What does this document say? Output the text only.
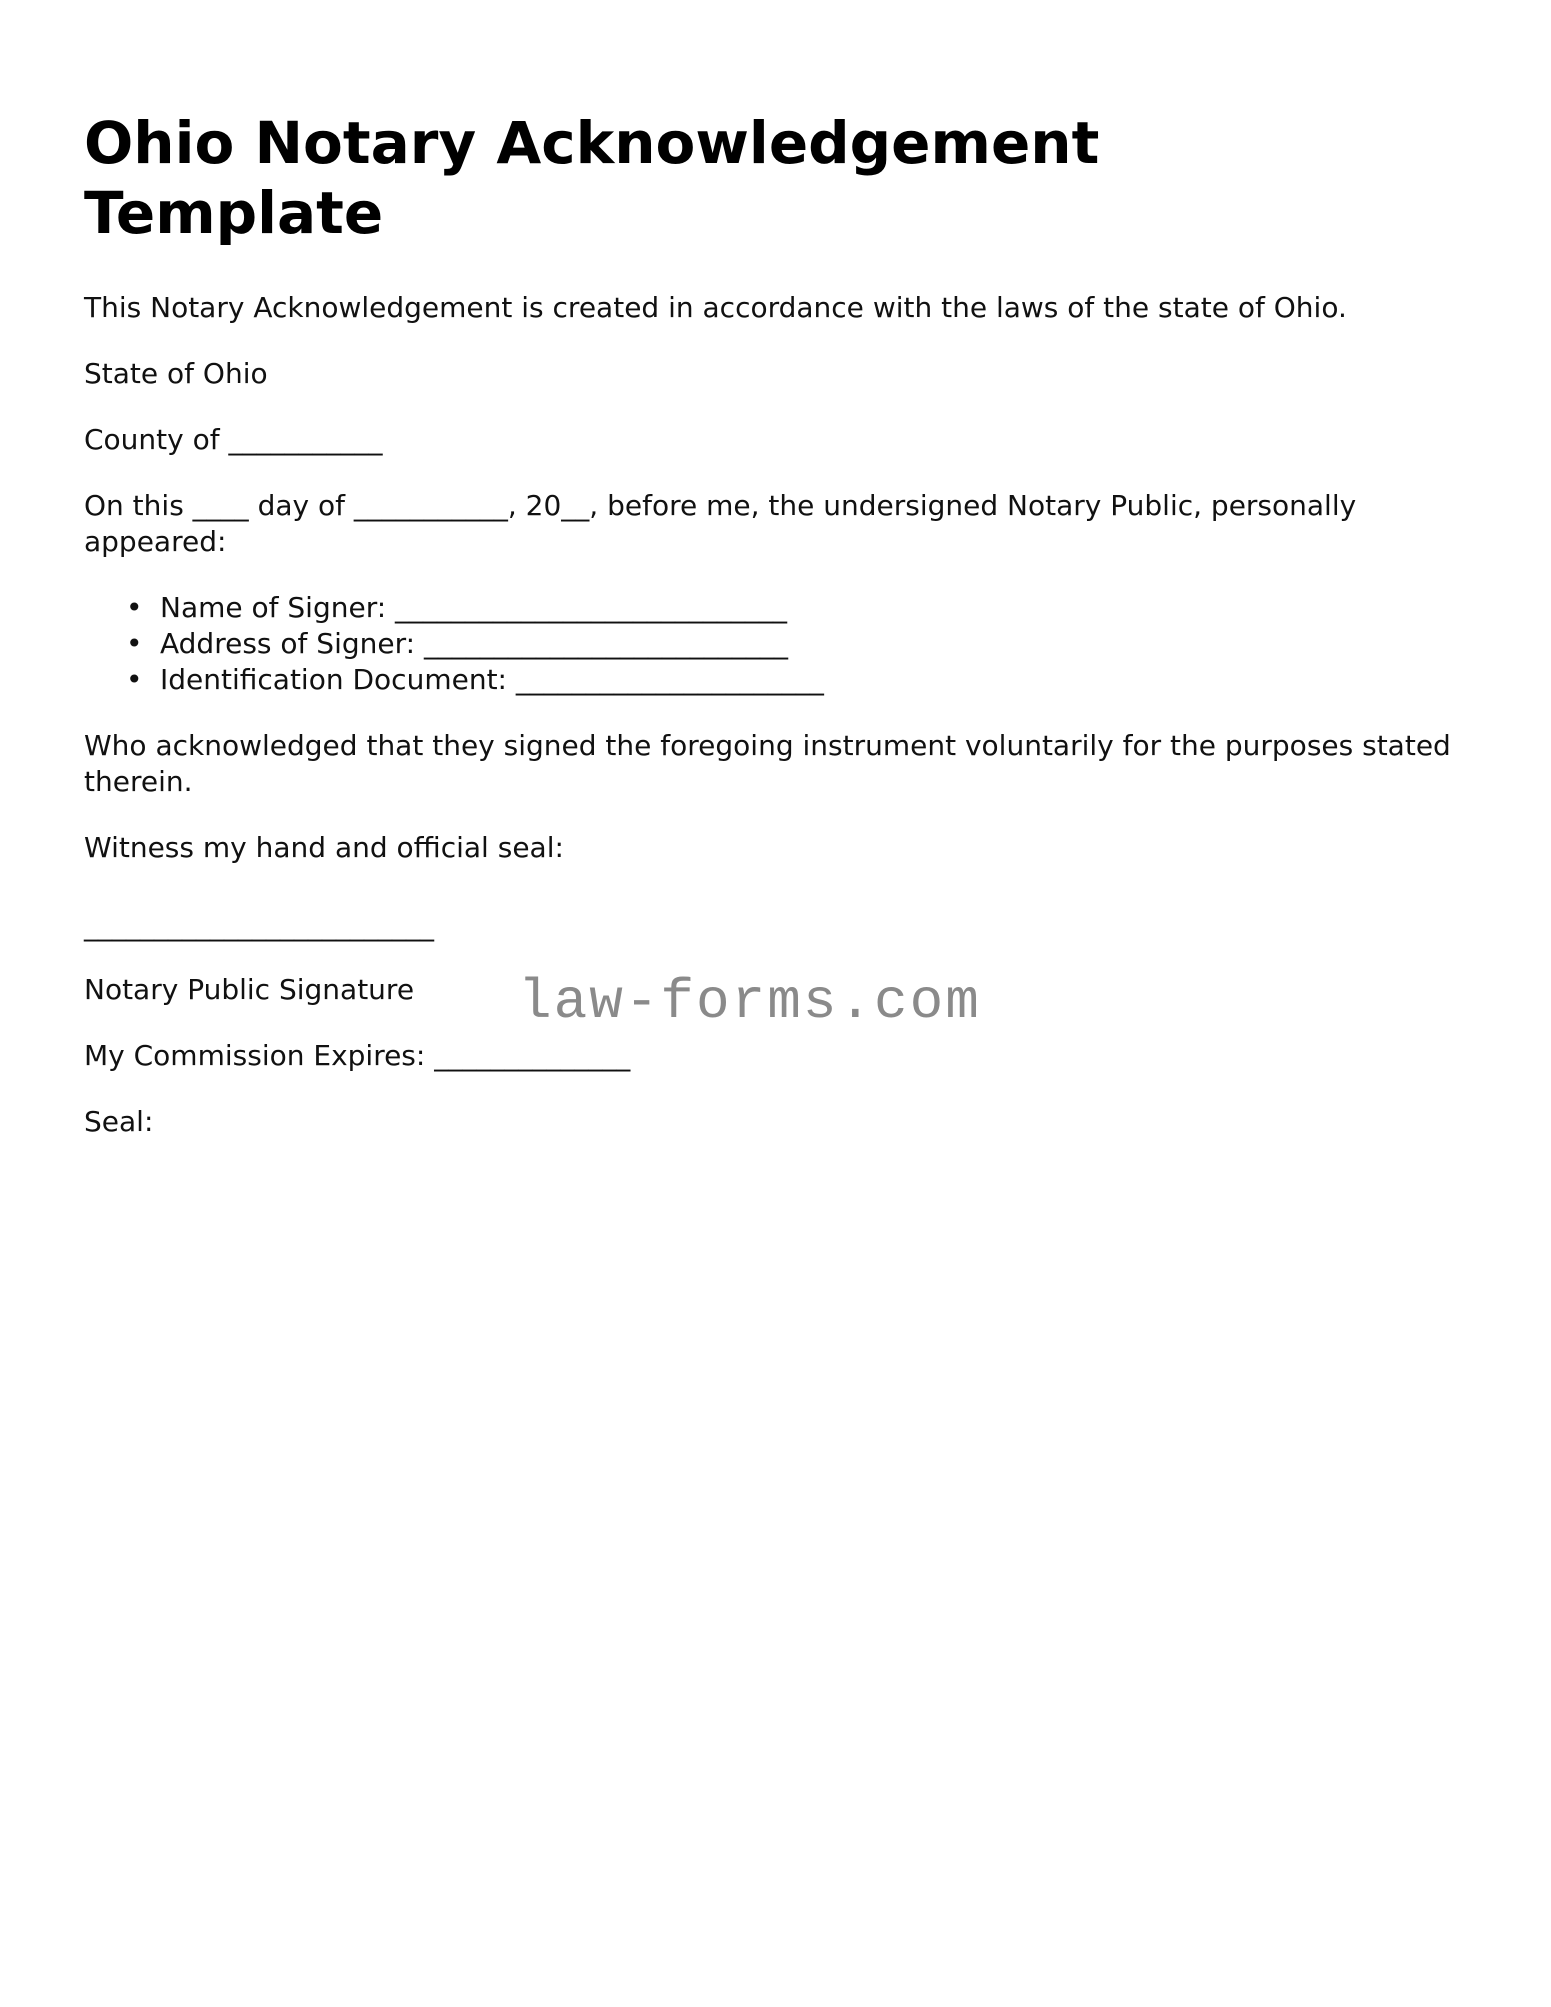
Ohio Notary Acknowledgement Template

This Notary Acknowledgement is created in accordance with the laws of the state of Ohio.

State of Ohio

County of ___________

On this ____ day of ___________, 20__, before me, the undersigned Notary Public, personally appeared:

• Name of Signer: ____________________________
• Address of Signer: __________________________
• Identification Document: ______________________

Who acknowledged that they signed the foregoing instrument voluntarily for the purposes stated therein.

Witness my hand and official seal:

_________________________

Notary Public Signature

My Commission Expires: ______________

Seal:

law-forms.com
